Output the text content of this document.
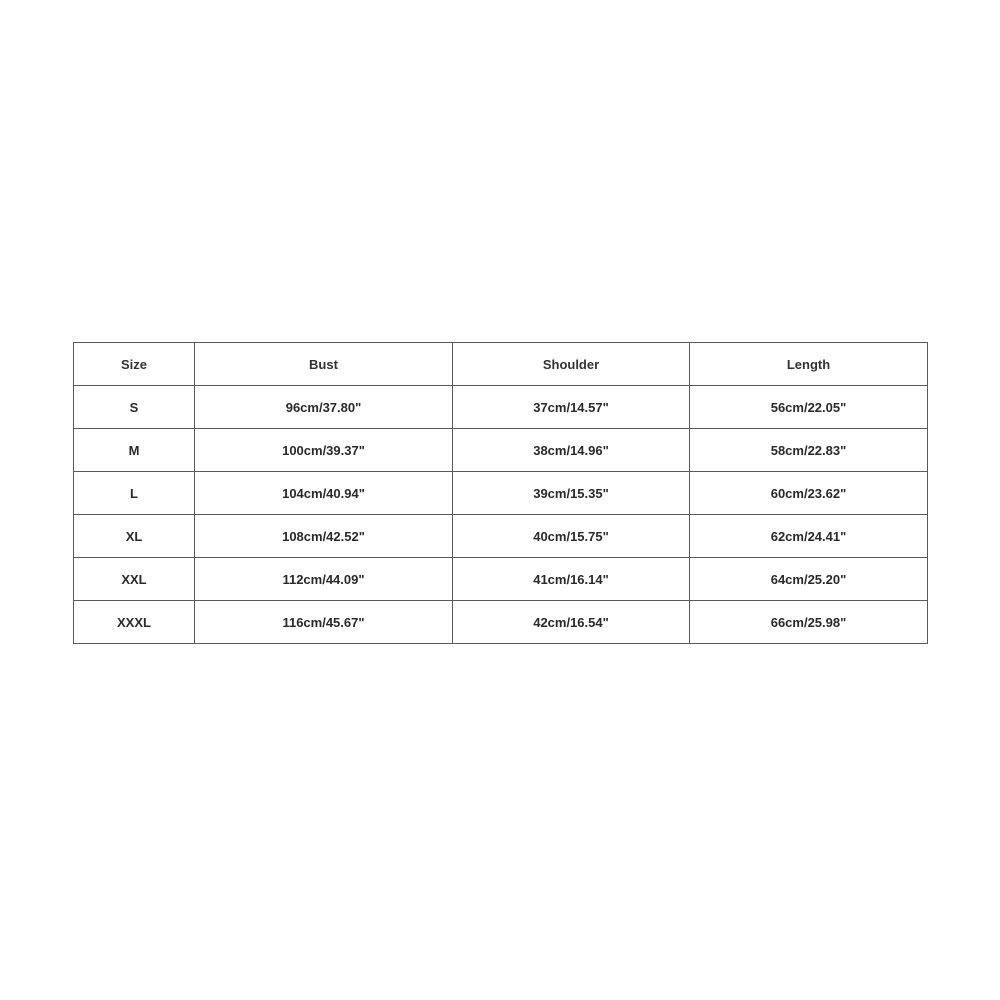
Size	Bust	Shoulder	Length
S	96cm/37.80"	37cm/14.57"	56cm/22.05"
M	100cm/39.37"	38cm/14.96"	58cm/22.83"
L	104cm/40.94"	39cm/15.35"	60cm/23.62"
XL	108cm/42.52"	40cm/15.75"	62cm/24.41"
XXL	112cm/44.09"	41cm/16.14"	64cm/25.20"
XXXL	116cm/45.67"	42cm/16.54"	66cm/25.98"
